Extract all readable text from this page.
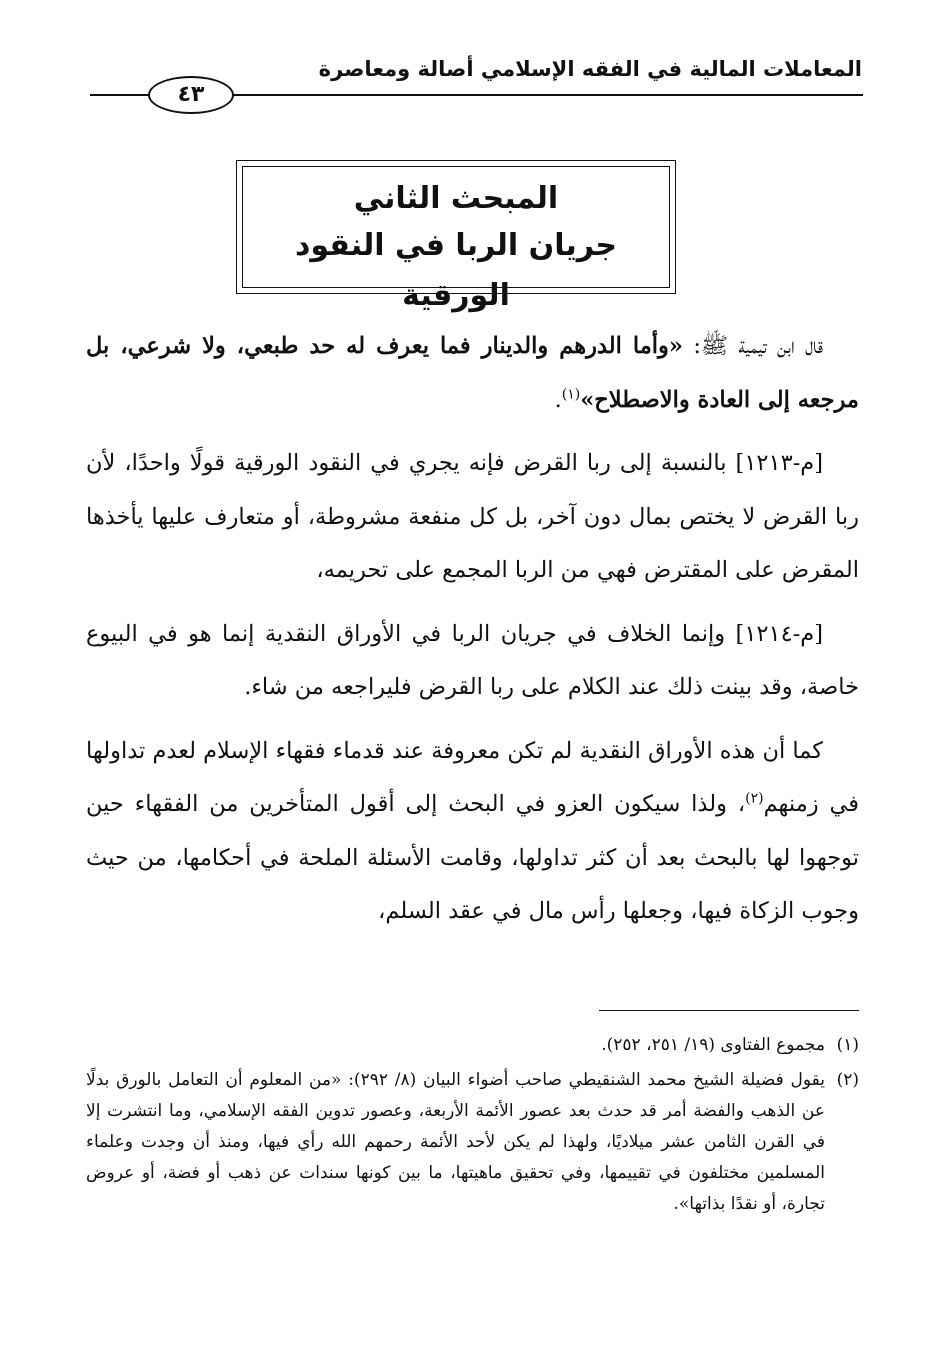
المعاملات المالية في الفقه الإسلامي أصالة ومعاصرة
٤٣
المبحث الثاني
جريان الربا في النقود الورقية

قال ابن تيمية ﷺ: «وأما الدرهم والدينار فما يعرف له حد طبعي، ولا شرعي، بل مرجعه إلى العادة والاصطلاح»$^{(١)}$.

[م-١٢١٣] بالنسبة إلى ربا القرض فإنه يجري في النقود الورقية قولًا واحدًا، لأن ربا القرض لا يختص بمال دون آخر، بل كل منفعة مشروطة، أو متعارف عليها يأخذها المقرض على المقترض فهي من الربا المجمع على تحريمه،

[م-١٢١٤] وإنما الخلاف في جريان الربا في الأوراق النقدية إنما هو في البيوع خاصة، وقد بينت ذلك عند الكلام على ربا القرض فليراجعه من شاء.

كما أن هذه الأوراق النقدية لم تكن معروفة عند قدماء فقهاء الإسلام لعدم تداولها في زمنهم$^{(٢)}$، ولذا سيكون العزو في البحث إلى أقول المتأخرين من الفقهاء حين توجهوا لها بالبحث بعد أن كثر تداولها، وقامت الأسئلة الملحة في أحكامها، من حيث وجوب الزكاة فيها، وجعلها رأس مال في عقد السلم،

(١)
مجموع الفتاوى (١٩/ ٢٥١، ٢٥٢).

(٢)
يقول فضيلة الشيخ محمد الشنقيطي صاحب أضواء البيان (٨/ ٢٩٢): «من المعلوم أن التعامل بالورق بدلًا عن الذهب والفضة أمر قد حدث بعد عصور الأئمة الأربعة، وعصور تدوين الفقه الإسلامي، وما انتشرت إلا في القرن الثامن عشر ميلاديًا، ولهذا لم يكن لأحد الأئمة رحمهم الله رأي فيها، ومنذ أن وجدت وعلماء المسلمين مختلفون في تقييمها، وفي تحقيق ماهيتها، ما بين كونها سندات عن ذهب أو فضة، أو عروض تجارة، أو نقدًا بذاتها».
